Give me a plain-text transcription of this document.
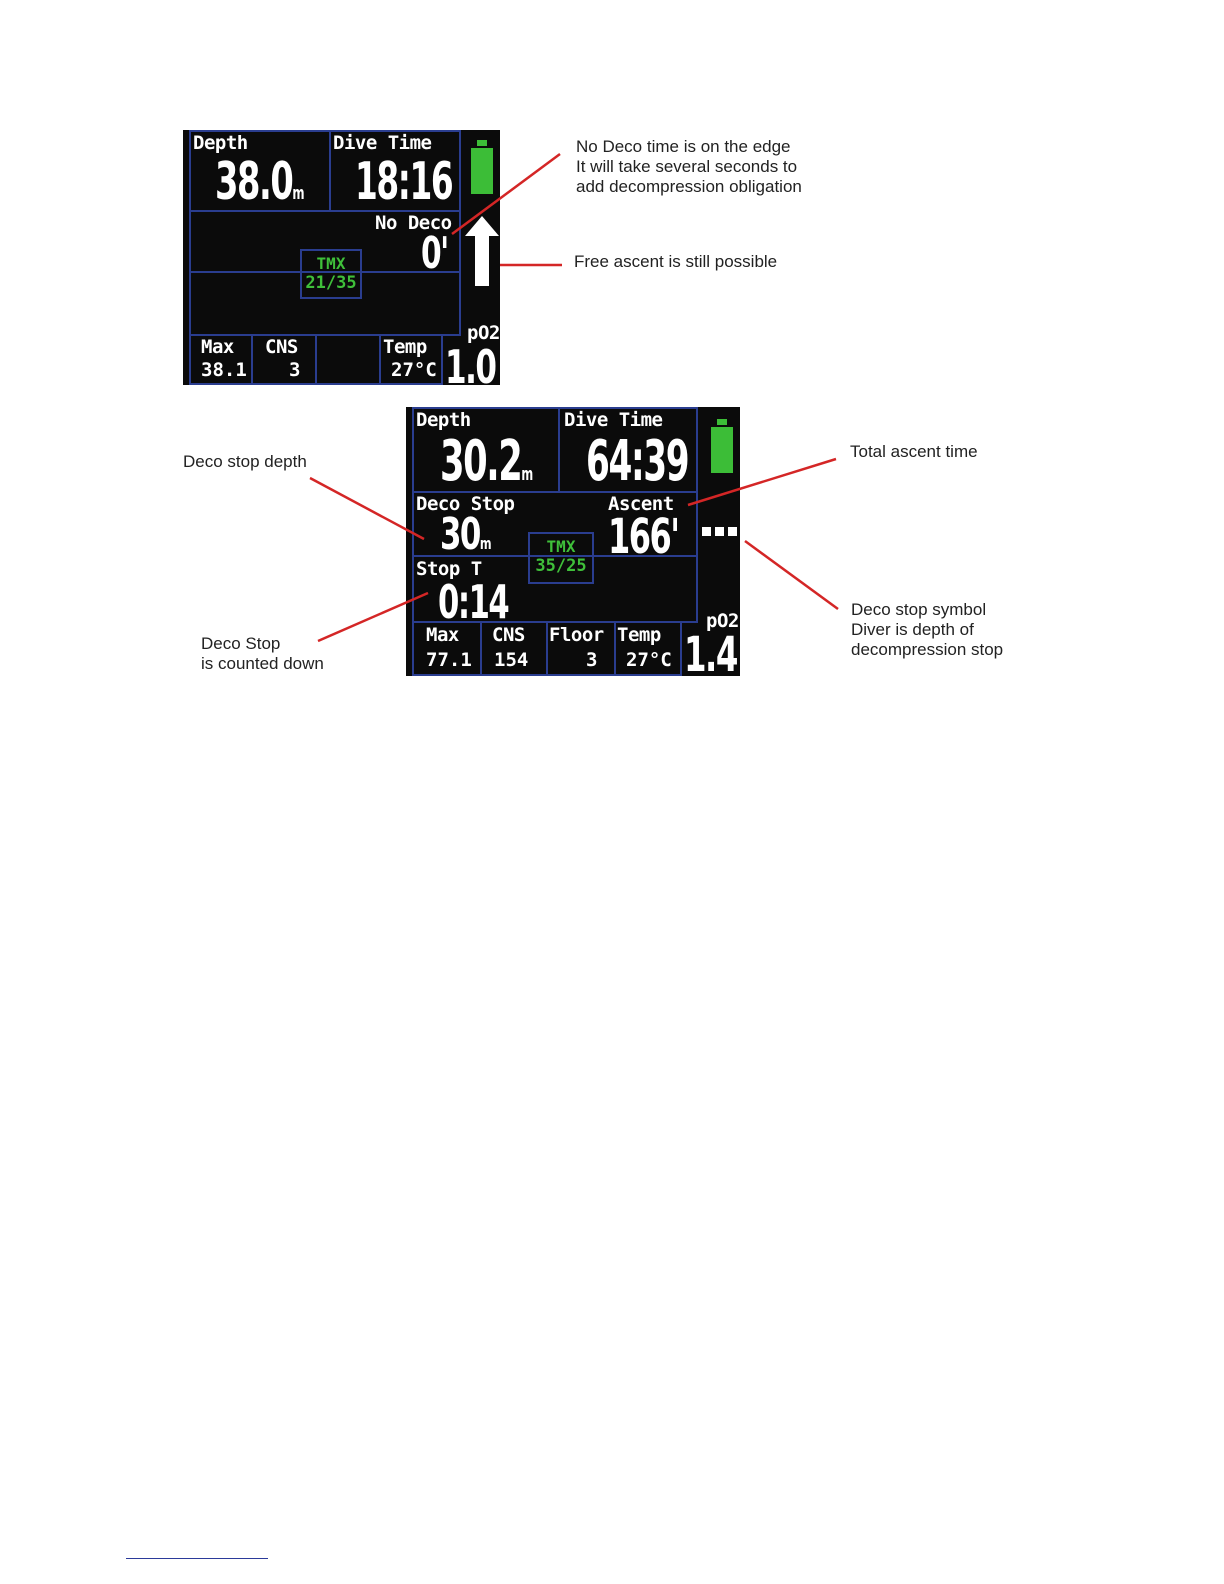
Depth
38.0m
Dive Time
18:16
No Deco
0'
TMX
21/35
Max
38.1
CNS
3
Temp
27°C
pO2
1.0
Depth
30.2m
Dive Time
64:39
Deco Stop
30m
Ascent
166'
Stop T
0:14
TMX
35/25
Max
77.1
CNS
154
Floor
3
Temp
27°C
pO2
1.4
No Deco time is on the edge
It will take several seconds to
add decompression obligation
Free ascent is still possible
Deco stop depth
Total ascent time
Deco stop symbol
Diver is depth of
decompression stop
Deco Stop
is counted down
